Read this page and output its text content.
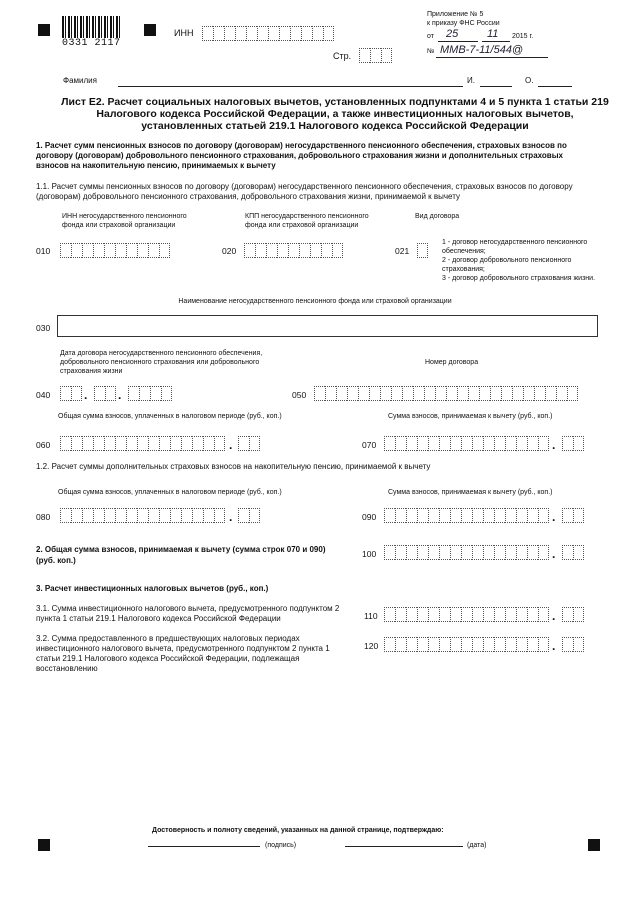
0331 2117
ИНН
Стр.
Приложение № 5
к приказу ФНС России
от 25	11 2015 г.
№ ММВ-7-11/544@
Фамилия	И.	О.
Лист Е2. Расчет социальных налоговых вычетов, установленных подпунктами 4 и 5 пункта 1 статьи 219 Налогового кодекса Российской Федерации, а также инвестиционных налоговых вычетов, установленных статьей 219.1 Налогового кодекса Российской Федерации
1. Расчет сумм пенсионных взносов по договору (договорам) негосударственного пенсионного обеспечения, страховых взносов по договору (договорам) добровольного пенсионного страхования, добровольного страхования жизни и дополнительных страховых взносов на накопительную пенсию, принимаемых к вычету
1.1. Расчет суммы пенсионных взносов по договору (договорам) негосударственного пенсионного обеспечения, страховых взносов по договору (договорам) добровольного пенсионного страхования, добровольного страхования жизни, принимаемой к вычету
ИНН негосударственного пенсионного фонда или страховой организации
КПП негосударственного пенсионного фонда или страховой организации
Вид договора
010	020	021
1 - договор негосударственного пенсионного обеспечения;
2 - договор добровольного пенсионного страхования;
3 - договор добровольного страхования жизни.
Наименование негосударственного пенсионного фонда или страховой организации
030
Дата договора негосударственного пенсионного обеспечения, добровольного пенсионного страхования или добровольного страхования жизни
Номер договора
040	.	.	050
Общая сумма взносов, уплаченных в налоговом периоде (руб., коп.)	Сумма взносов, принимаемая к вычету (руб., коп.)
060	.	070	.
1.2. Расчет суммы дополнительных страховых взносов на накопительную пенсию, принимаемой к вычету
Общая сумма взносов, уплаченных в налоговом периоде (руб., коп.)	Сумма взносов, принимаемая к вычету (руб., коп.)
080	.	090	.
2. Общая сумма взносов, принимаемая к вычету (сумма строк 070 и 090)
(руб. коп.)
100	.
3. Расчет инвестиционных налоговых вычетов (руб., коп.)
3.1. Сумма инвестиционного налогового вычета, предусмотренного подпунктом 2 пункта 1 статьи 219.1 Налогового кодекса Российской Федерации	110	.
3.2. Сумма предоставленного в предшествующих налоговых периодах инвестиционного налогового вычета, предусмотренного подпунктом 2 пункта 1 статьи 219.1 Налогового кодекса Российской Федерации, подлежащая восстановлению
120	.
Достоверность и полноту сведений, указанных на данной странице, подтверждаю:
(подпись)	(дата)
